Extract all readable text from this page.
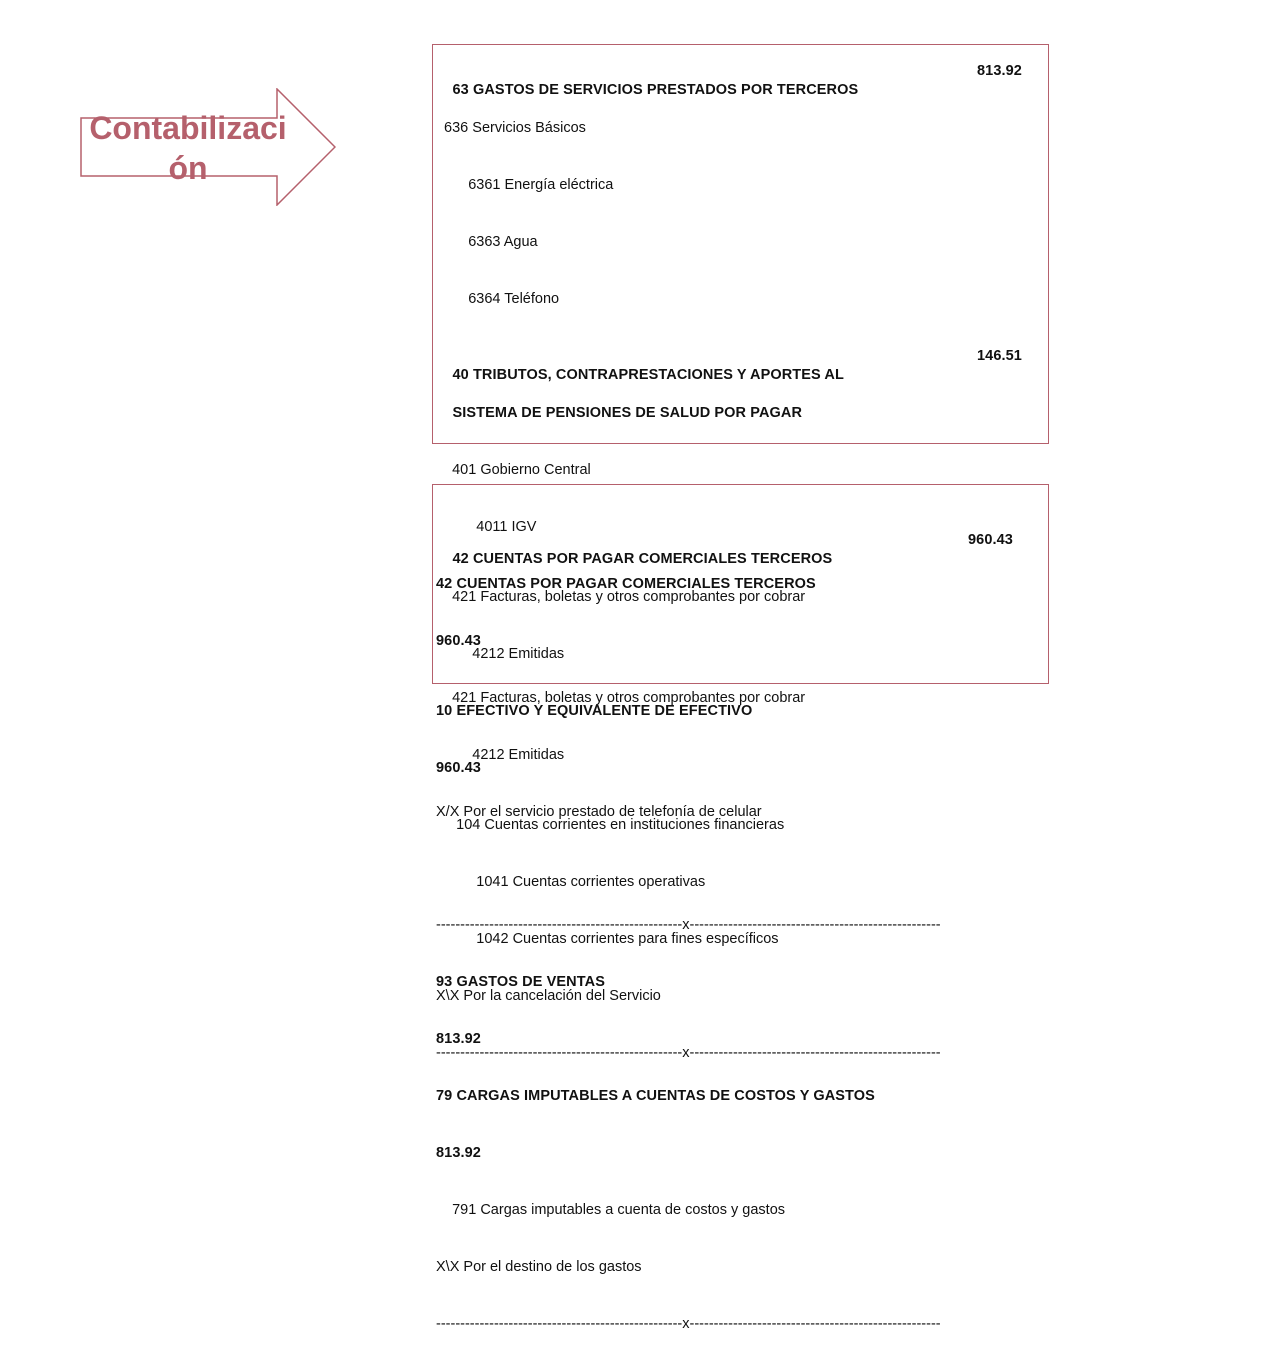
Contabilizaci
ón

63 GASTOS DE SERVICIOS PRESTADOS POR TERCEROS

813.92

636 Servicios Básicos

6361 Energía eléctrica

6363 Agua

6364 Teléfono

40 TRIBUTOS, CONTRAPRESTACIONES Y APORTES AL

146.51

SISTEMA DE PENSIONES DE SALUD POR PAGAR

401 Gobierno Central

4011 IGV

42 CUENTAS POR PAGAR COMERCIALES TERCEROS

960.43

421 Facturas, boletas y otros comprobantes por cobrar

4212 Emitidas

X/X Por el servicio prestado de telefonía de celular

---------------------------------------------------x----------------------------------------------------

93 GASTOS DE VENTAS

813.92

79 CARGAS IMPUTABLES A CUENTAS DE COSTOS Y GASTOS

813.92

791 Cargas imputables a cuenta de costos y gastos

X\X Por el destino de los gastos

---------------------------------------------------x----------------------------------------------------

42 CUENTAS POR PAGAR COMERCIALES TERCEROS

960.43

421 Facturas, boletas y otros comprobantes por cobrar

4212 Emitidas

10 EFECTIVO Y EQUIVALENTE DE EFECTIVO

960.43

104 Cuentas corrientes en instituciones financieras

1041 Cuentas corrientes operativas

1042 Cuentas corrientes para fines específicos

X\X Por la cancelación del Servicio

---------------------------------------------------x----------------------------------------------------
